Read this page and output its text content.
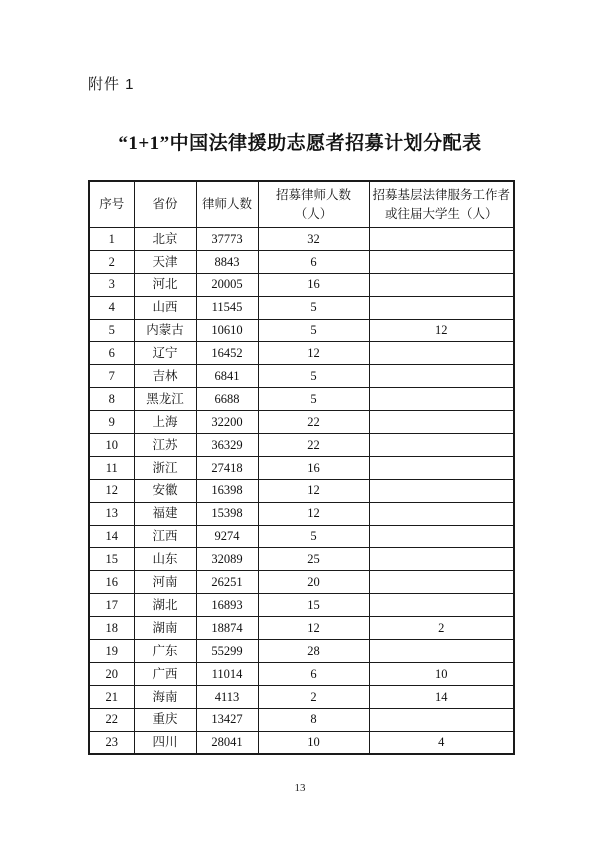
附件 1
“1+1”中国法律援助志愿者招募计划分配表
序号	省份	律师人数	招募律师人数（人）	招募基层法律服务工作者或往届大学生（人）
1	北京	37773	32	
2	天津	8843	6	
3	河北	20005	16	
4	山西	11545	5	
5	内蒙古	10610	5	12
6	辽宁	16452	12	
7	吉林	6841	5	
8	黑龙江	6688	5	
9	上海	32200	22	
10	江苏	36329	22	
11	浙江	27418	16	
12	安徽	16398	12	
13	福建	15398	12	
14	江西	9274	5	
15	山东	32089	25	
16	河南	26251	20	
17	湖北	16893	15	
18	湖南	18874	12	2
19	广东	55299	28	
20	广西	11014	6	10
21	海南	4113	2	14
22	重庆	13427	8	
23	四川	28041	10	4
13
